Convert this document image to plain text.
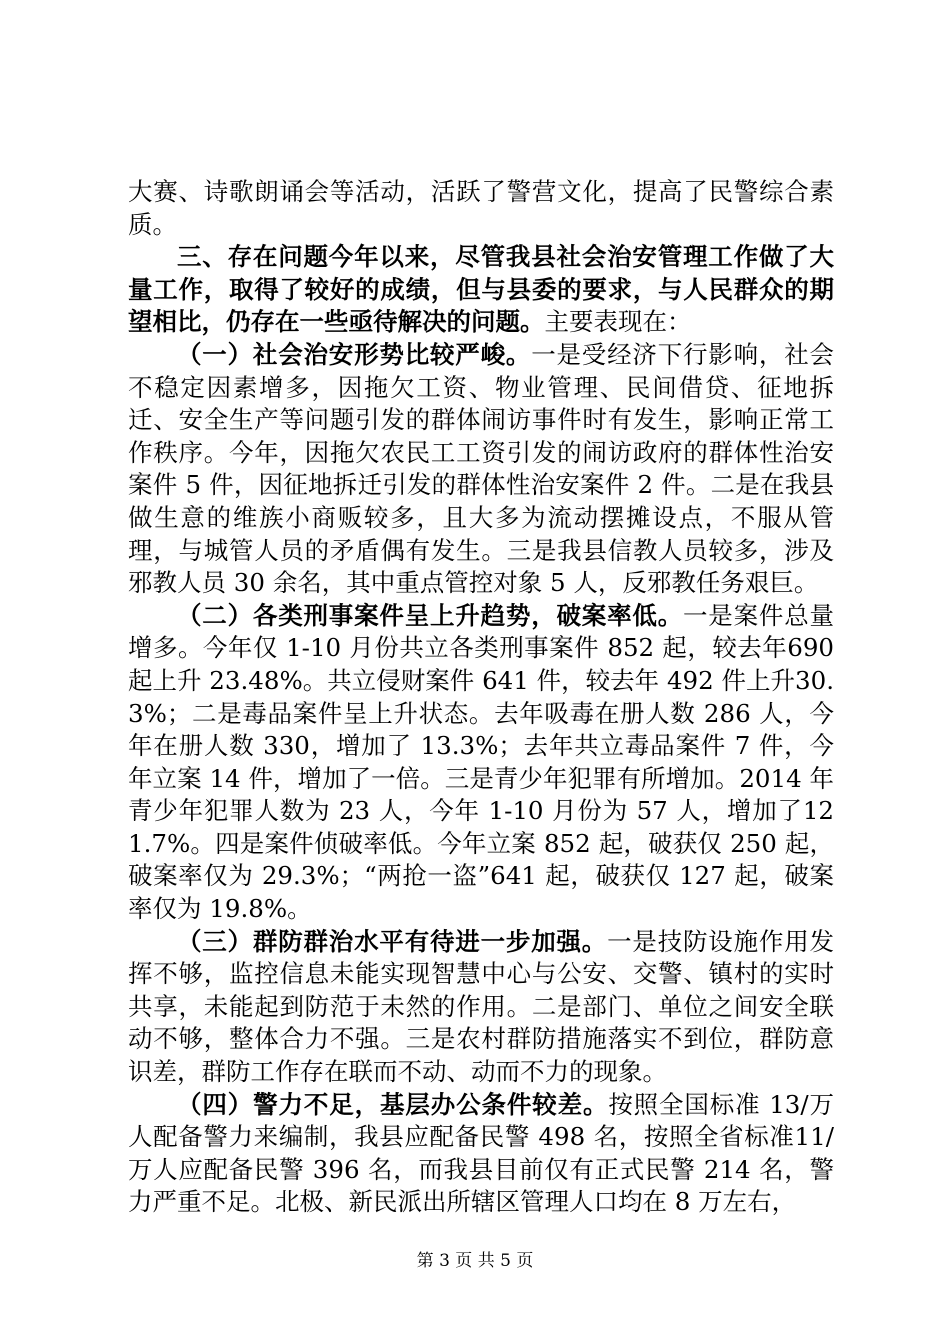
大赛、诗歌朗诵会等活动，活跃了警营文化，提高了民警综合素质。

三、存在问题今年以来，尽管我县社会治安管理工作做了大量工作，取得了较好的成绩，但与县委的要求，与人民群众的期望相比，仍存在一些亟待解决的问题。主要表现在：

（一）社会治安形势比较严峻。一是受经济下行影响，社会不稳定因素增多，因拖欠工资、物业管理、民间借贷、征地拆迁、安全生产等问题引发的群体闹访事件时有发生，影响正常工作秩序。今年，因拖欠农民工工资引发的闹访政府的群体性治安案件 5 件，因征地拆迁引发的群体性治安案件 2 件。二是在我县做生意的维族小商贩较多，且大多为流动摆摊设点，不服从管理，与城管人员的矛盾偶有发生。三是我县信教人员较多，涉及邪教人员 30 余名，其中重点管控对象 5 人，反邪教任务艰巨。

（二）各类刑事案件呈上升趋势，破案率低。一是案件总量增多。今年仅 1-10 月份共立各类刑事案件 852 起，较去年690 起上升 23.48%。共立侵财案件 641 件，较去年 492 件上升30.3%；二是毒品案件呈上升状态。去年吸毒在册人数 286 人，今年在册人数 330，增加了 13.3%；去年共立毒品案件 7 件，今年立案 14 件，增加了一倍。三是青少年犯罪有所增加。2014 年青少年犯罪人数为 23 人，今年 1-10 月份为 57 人，增加了121.7%。四是案件侦破率低。今年立案 852 起，破获仅 250 起，破案率仅为 29.3%；“两抢一盗”641 起，破获仅 127 起，破案率仅为 19.8%。

（三）群防群治水平有待进一步加强。一是技防设施作用发挥不够，监控信息未能实现智慧中心与公安、交警、镇村的实时共享，未能起到防范于未然的作用。二是部门、单位之间安全联动不够，整体合力不强。三是农村群防措施落实不到位，群防意识差，群防工作存在联而不动、动而不力的现象。

（四）警力不足，基层办公条件较差。按照全国标准 13/万人配备警力来编制，我县应配备民警 498 名，按照全省标准11/万人应配备民警 396 名，而我县目前仅有正式民警 214 名，警力严重不足。北极、新民派出所辖区管理人口均在 8 万左右，

第 3 页 共 5 页
